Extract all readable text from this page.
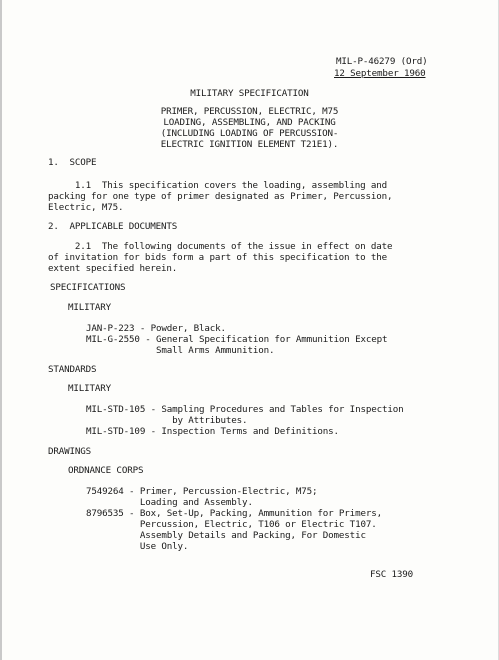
MIL-P-46279 (Ord)
12 September 1960
MILITARY SPECIFICATION
PRIMER, PERCUSSION, ELECTRIC, M75
LOADING, ASSEMBLING, AND PACKING
(INCLUDING LOADING OF PERCUSSION-
ELECTRIC IGNITION ELEMENT T21E1).
1.  SCOPE
1.1  This specification covers the loading, assembling and
packing for one type of primer designated as Primer, Percussion,
Electric, M75.
2.  APPLICABLE DOCUMENTS
2.1  The following documents of the issue in effect on date
of invitation for bids form a part of this specification to the
extent specified herein.
SPECIFICATIONS
MILITARY
JAN-P-223 - Powder, Black.
MIL-G-2550 - General Specification for Ammunition Except
Small Arms Ammunition.
STANDARDS
MILITARY
MIL-STD-105 - Sampling Procedures and Tables for Inspection
by Attributes.
MIL-STD-109 - Inspection Terms and Definitions.
DRAWINGS
ORDNANCE CORPS
7549264 - Primer, Percussion-Electric, M75;
Loading and Assembly.
8796535 - Box, Set-Up, Packing, Ammunition for Primers,
Percussion, Electric, T106 or Electric T107.
Assembly Details and Packing, For Domestic
Use Only.
FSC 1390
